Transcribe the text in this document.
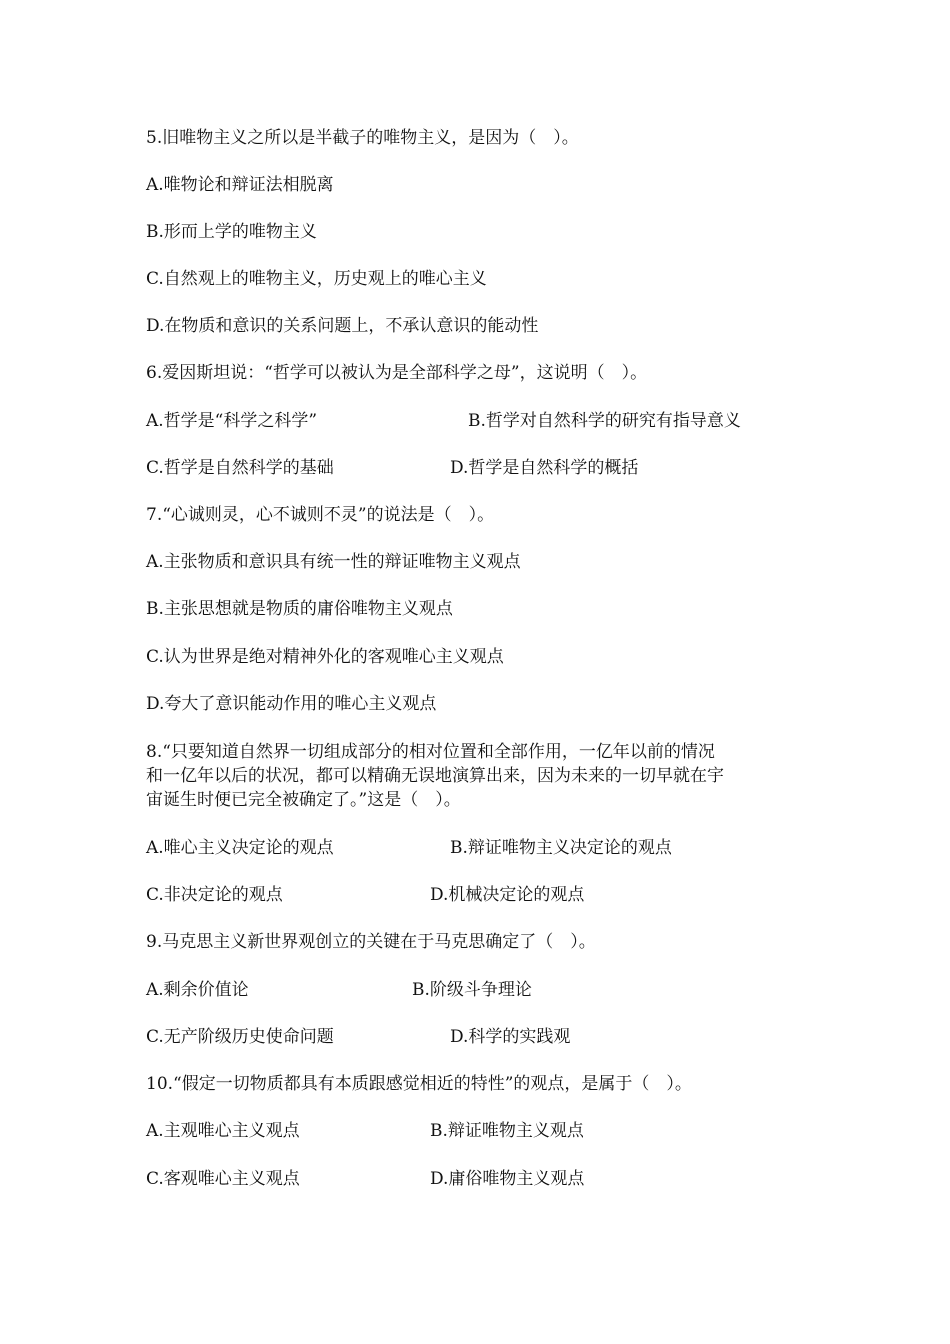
5.旧唯物主义之所以是半截子的唯物主义，是因为（　）。

A.唯物论和辩证法相脱离

B.形而上学的唯物主义

C.自然观上的唯物主义，历史观上的唯心主义

D.在物质和意识的关系问题上，不承认意识的能动性

6.爱因斯坦说：“哲学可以被认为是全部科学之母”，这说明（　）。

A.哲学是“科学之科学”	B.哲学对自然科学的研究有指导意义

C.哲学是自然科学的基础	D.哲学是自然科学的概括

7.“心诚则灵，心不诚则不灵”的说法是（　）。

A.主张物质和意识具有统一性的辩证唯物主义观点

B.主张思想就是物质的庸俗唯物主义观点

C.认为世界是绝对精神外化的客观唯心主义观点

D.夸大了意识能动作用的唯心主义观点

8.“只要知道自然界一切组成部分的相对位置和全部作用，一亿年以前的情况

和一亿年以后的状况，都可以精确无误地演算出来，因为未来的一切早就在宇

宙诞生时便已完全被确定了。”这是（　）。

A.唯心主义决定论的观点	B.辩证唯物主义决定论的观点

C.非决定论的观点	D.机械决定论的观点

9.马克思主义新世界观创立的关键在于马克思确定了（　）。

A.剩余价值论	B.阶级斗争理论

C.无产阶级历史使命问题	D.科学的实践观

10.“假定一切物质都具有本质跟感觉相近的特性”的观点，是属于（　）。

A.主观唯心主义观点	B.辩证唯物主义观点

C.客观唯心主义观点	D.庸俗唯物主义观点
